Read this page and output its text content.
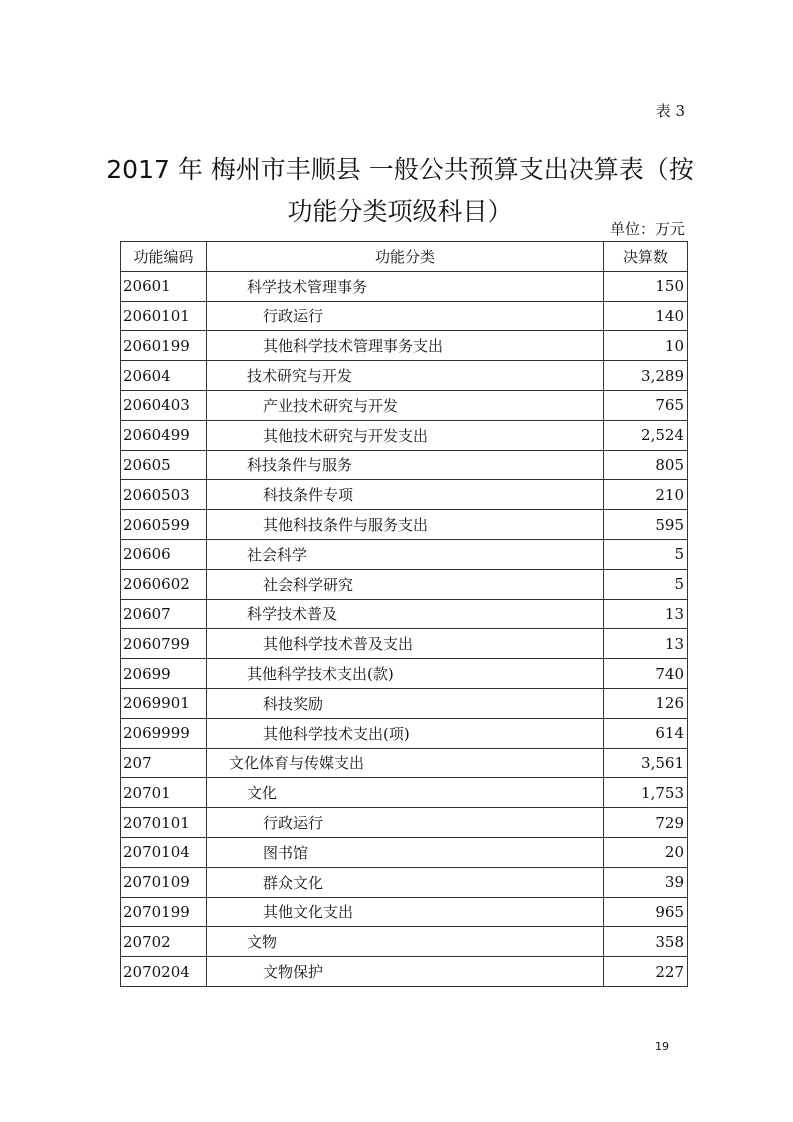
表 3
2017 年 梅州市丰顺县 一般公共预算支出决算表（按功能分类项级科目）
单位：万元
功能编码	功能分类	决算数
20601	科学技术管理事务	150
2060101	行政运行	140
2060199	其他科学技术管理事务支出	10
20604	技术研究与开发	3,289
2060403	产业技术研究与开发	765
2060499	其他技术研究与开发支出	2,524
20605	科技条件与服务	805
2060503	科技条件专项	210
2060599	其他科技条件与服务支出	595
20606	社会科学	5
2060602	社会科学研究	5
20607	科学技术普及	13
2060799	其他科学技术普及支出	13
20699	其他科学技术支出(款)	740
2069901	科技奖励	126
2069999	其他科学技术支出(项)	614
207	文化体育与传媒支出	3,561
20701	文化	1,753
2070101	行政运行	729
2070104	图书馆	20
2070109	群众文化	39
2070199	其他文化支出	965
20702	文物	358
2070204	文物保护	227
19
